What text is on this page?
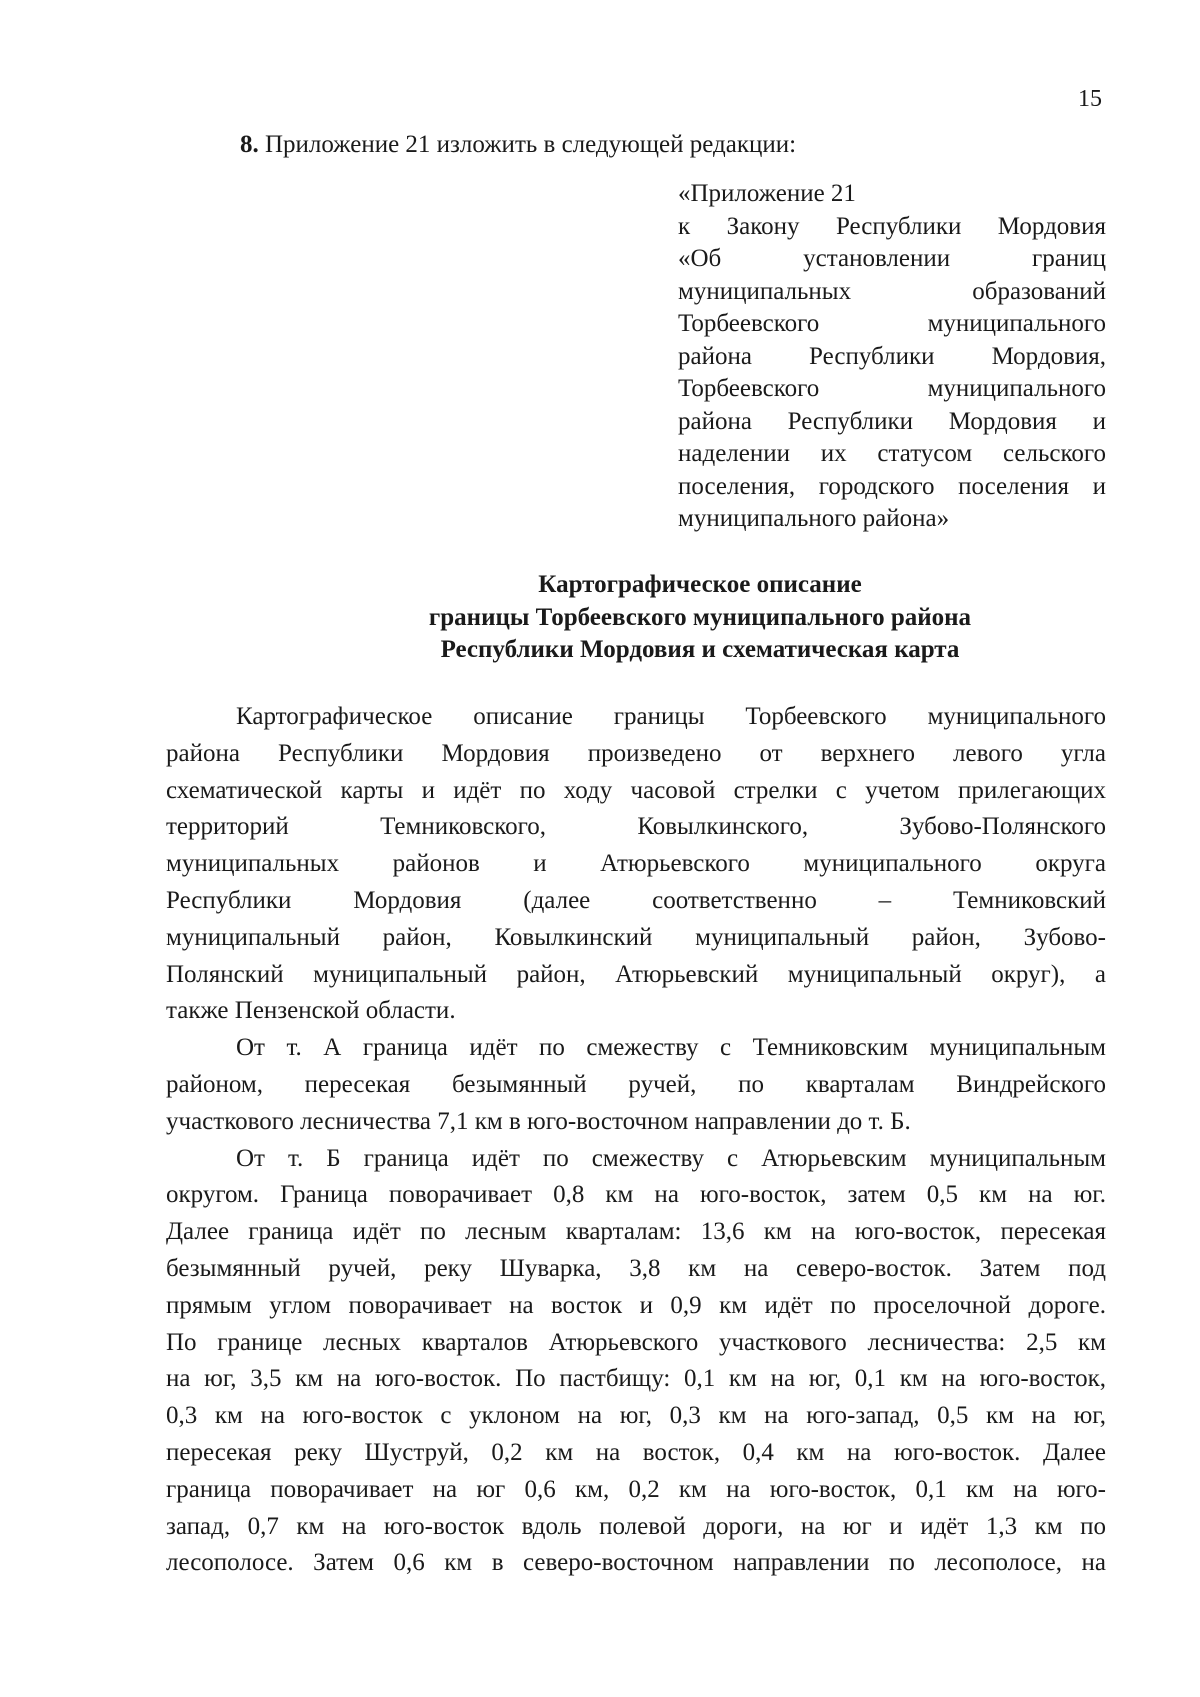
15
8. Приложение 21 изложить в следующей редакции:
«Приложение 21
к Закону Республики Мордовия
«Об установлении границ
муниципальных образований
Торбеевского муниципального
района Республики Мордовия,
Торбеевского муниципального
района Республики Мордовия и
наделении их статусом сельского
поселения, городского поселения и
муниципального района»
Картографическое описание
границы Торбеевского муниципального района
Республики Мордовия и схематическая карта
Картографическое описание границы Торбеевского муниципального
района Республики Мордовия произведено от верхнего левого угла
схематической карты и идёт по ходу часовой стрелки с учетом прилегающих
территорий Темниковского, Ковылкинского, Зубово-Полянского
муниципальных районов и Атюрьевского муниципального округа
Республики Мордовия (далее соответственно – Темниковский
муниципальный район, Ковылкинский муниципальный район, Зубово-
Полянский муниципальный район, Атюрьевский муниципальный округ), а
также Пензенской области.
От т. А граница идёт по смежеству с Темниковским муниципальным
районом, пересекая безымянный ручей, по кварталам Виндрейского
участкового лесничества 7,1 км в юго-восточном направлении до т. Б.
От т. Б граница идёт по смежеству с Атюрьевским муниципальным
округом. Граница поворачивает 0,8 км на юго-восток, затем 0,5 км на юг.
Далее граница идёт по лесным кварталам: 13,6 км на юго-восток, пересекая
безымянный ручей, реку Шуварка, 3,8 км на северо-восток. Затем под
прямым углом поворачивает на восток и 0,9 км идёт по проселочной дороге.
По границе лесных кварталов Атюрьевского участкового лесничества: 2,5 км
на юг, 3,5 км на юго-восток. По пастбищу: 0,1 км на юг, 0,1 км на юго-восток,
0,3 км на юго-восток с уклоном на юг, 0,3 км на юго-запад, 0,5 км на юг,
пересекая реку Шуструй, 0,2 км на восток, 0,4 км на юго-восток. Далее
граница поворачивает на юг 0,6 км, 0,2 км на юго-восток, 0,1 км на юго-
запад, 0,7 км на юго-восток вдоль полевой дороги, на юг и идёт 1,3 км по
лесополосе. Затем 0,6 км в северо-восточном направлении по лесополосе, на
